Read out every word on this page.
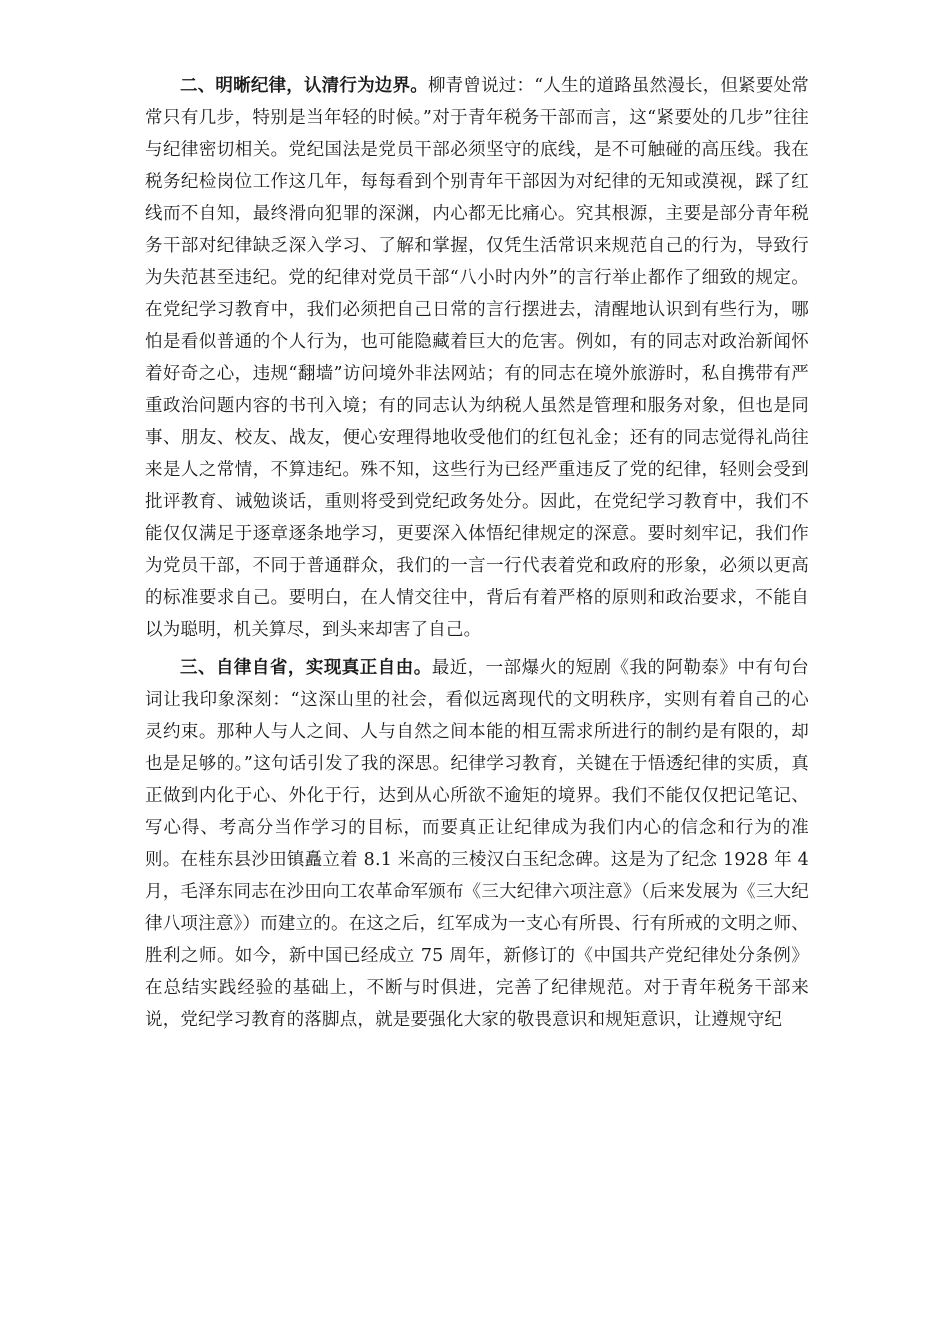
二、明晰纪律，认清行为边界。柳青曾说过：“人生的道路虽然漫长，但紧要处常常只有几步，特别是当年轻的时候。”对于青年税务干部而言，这“紧要处的几步”往往与纪律密切相关。党纪国法是党员干部必须坚守的底线，是不可触碰的高压线。我在税务纪检岗位工作这几年，每每看到个别青年干部因为对纪律的无知或漠视，踩了红线而不自知，最终滑向犯罪的深渊，内心都无比痛心。究其根源，主要是部分青年税务干部对纪律缺乏深入学习、了解和掌握，仅凭生活常识来规范自己的行为，导致行为失范甚至违纪。党的纪律对党员干部“八小时内外”的言行举止都作了细致的规定。在党纪学习教育中，我们必须把自己日常的言行摆进去，清醒地认识到有些行为，哪怕是看似普通的个人行为，也可能隐藏着巨大的危害。例如，有的同志对政治新闻怀着好奇之心，违规“翻墙”访问境外非法网站；有的同志在境外旅游时，私自携带有严重政治问题内容的书刊入境；有的同志认为纳税人虽然是管理和服务对象，但也是同事、朋友、校友、战友，便心安理得地收受他们的红包礼金；还有的同志觉得礼尚往来是人之常情，不算违纪。殊不知，这些行为已经严重违反了党的纪律，轻则会受到批评教育、诫勉谈话，重则将受到党纪政务处分。因此，在党纪学习教育中，我们不能仅仅满足于逐章逐条地学习，更要深入体悟纪律规定的深意。要时刻牢记，我们作为党员干部，不同于普通群众，我们的一言一行代表着党和政府的形象，必须以更高的标准要求自己。要明白，在人情交往中，背后有着严格的原则和政治要求，不能自以为聪明，机关算尽，到头来却害了自己。

三、自律自省，实现真正自由。最近，一部爆火的短剧《我的阿勒泰》中有句台词让我印象深刻：“这深山里的社会，看似远离现代的文明秩序，实则有着自己的心灵约束。那种人与人之间、人与自然之间本能的相互需求所进行的制约是有限的，却也是足够的。”这句话引发了我的深思。纪律学习教育，关键在于悟透纪律的实质，真正做到内化于心、外化于行，达到从心所欲不逾矩的境界。我们不能仅仅把记笔记、写心得、考高分当作学习的目标，而要真正让纪律成为我们内心的信念和行为的准则。在桂东县沙田镇矗立着 8.1 米高的三棱汉白玉纪念碑。这是为了纪念 1928 年 4 月，毛泽东同志在沙田向工农革命军颁布《三大纪律六项注意》（后来发展为《三大纪律八项注意》）而建立的。在这之后，红军成为一支心有所畏、行有所戒的文明之师、胜利之师。如今，新中国已经成立 75 周年，新修订的《中国共产党纪律处分条例》在总结实践经验的基础上，不断与时俱进，完善了纪律规范。对于青年税务干部来说，党纪学习教育的落脚点，就是要强化大家的敬畏意识和规矩意识，让遵规守纪
